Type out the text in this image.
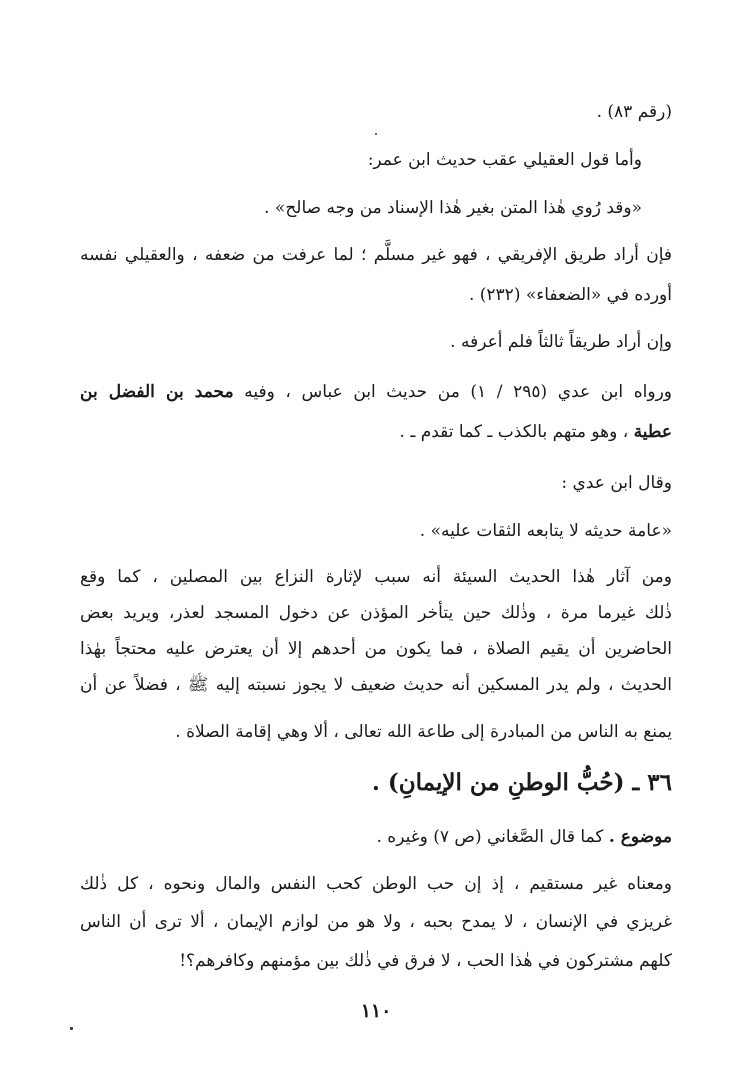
(رقم ٨٣) .
وأما قول العقيلي عقب حديث ابن عمر:
«وقد رُوي هٰذا المتن بغير هٰذا الإسناد من وجه صالح» .
فإن أراد طريق الإفريقي ، فهو غير مسلَّم ؛ لما عرفت من ضعفه ، والعقيلي نفسه
أورده في «الضعفاء» (٢٣٢) .
وإن أراد طريقاً ثالثاً فلم أعرفه .
ورواه ابن عدي (٢٩٥ / ١) من حديث ابن عباس ، وفيه محمد بن الفضل بن
عطية ، وهو متهم بالكذب ـ كما تقدم ـ .
وقال ابن عدي :
«عامة حديثه لا يتابعه الثقات عليه» .
ومن آثار هٰذا الحديث السيئة أنه سبب لإثارة النزاع بين المصلين ، كما وقع
ذٰلك غيرما مرة ، وذٰلك حين يتأخر المؤذن عن دخول المسجد لعذر، ويريد بعض
الحاضرين أن يقيم الصلاة ، فما يكون من أحدهم إلا أن يعترض عليه محتجاً بهٰذا
الحديث ، ولم يدر المسكين أنه حديث ضعيف لا يجوز نسبته إليه ﷺ ، فضلاً عن أن
يمنع به الناس من المبادرة إلى طاعة الله تعالى ، ألا وهي إقامة الصلاة .
٣٦ ـ (حُبُّ الوطنِ من الإيمانِ) .
موضوع . كما قال الصَّغاني (ص ٧) وغيره .
ومعناه غير مستقيم ، إذ إن حب الوطن كحب النفس والمال ونحوه ، كل ذٰلك
غريزي في الإنسان ، لا يمدح بحبه ، ولا هو من لوازم الإيمان ، ألا ترى أن الناس
كلهم مشتركون في هٰذا الحب ، لا فرق في ذٰلك بين مؤمنهم وكافرهم؟!
١١٠
